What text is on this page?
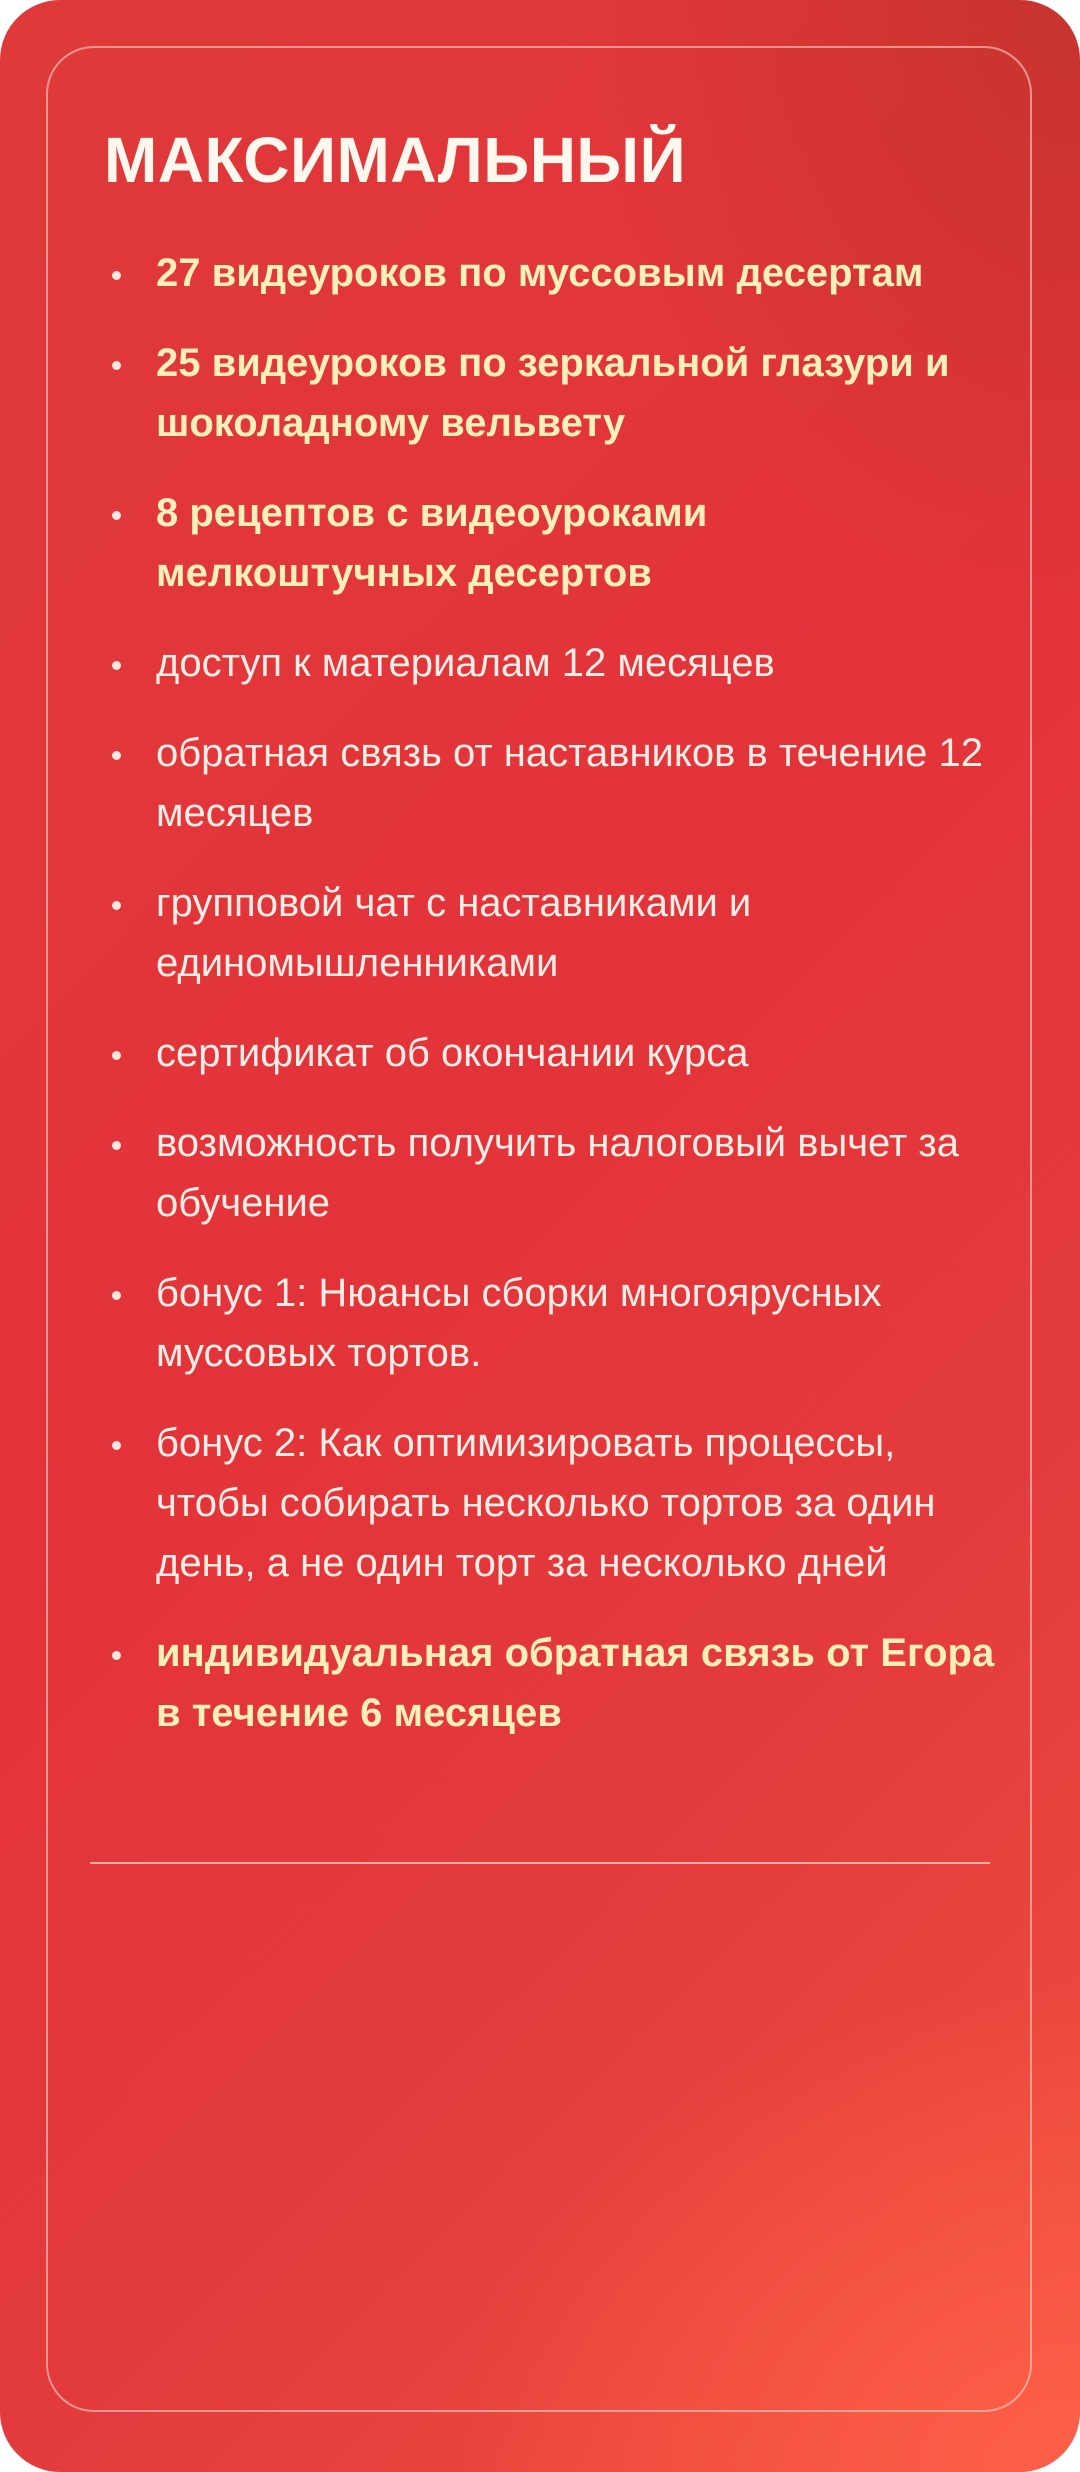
МАКСИМАЛЬНЫЙ
27 видеуроков по муссовым десертам
25 видеуроков по зеркальной глазури и шоколадному вельвету
8 рецептов с видеоуроками мелкоштучных десертов
доступ к материалам 12 месяцев
обратная связь от наставников в течение 12 месяцев
групповой чат с наставниками и единомышленниками
сертификат об окончании курса
возможность получить налоговый вычет за обучение
бонус 1: Нюансы сборки многоярусных муссовых тортов.
бонус 2: Как оптимизировать процессы, чтобы собирать несколько тортов за один день, а не один торт за несколько дней
индивидуальная обратная связь от Егора в течение 6 месяцев
